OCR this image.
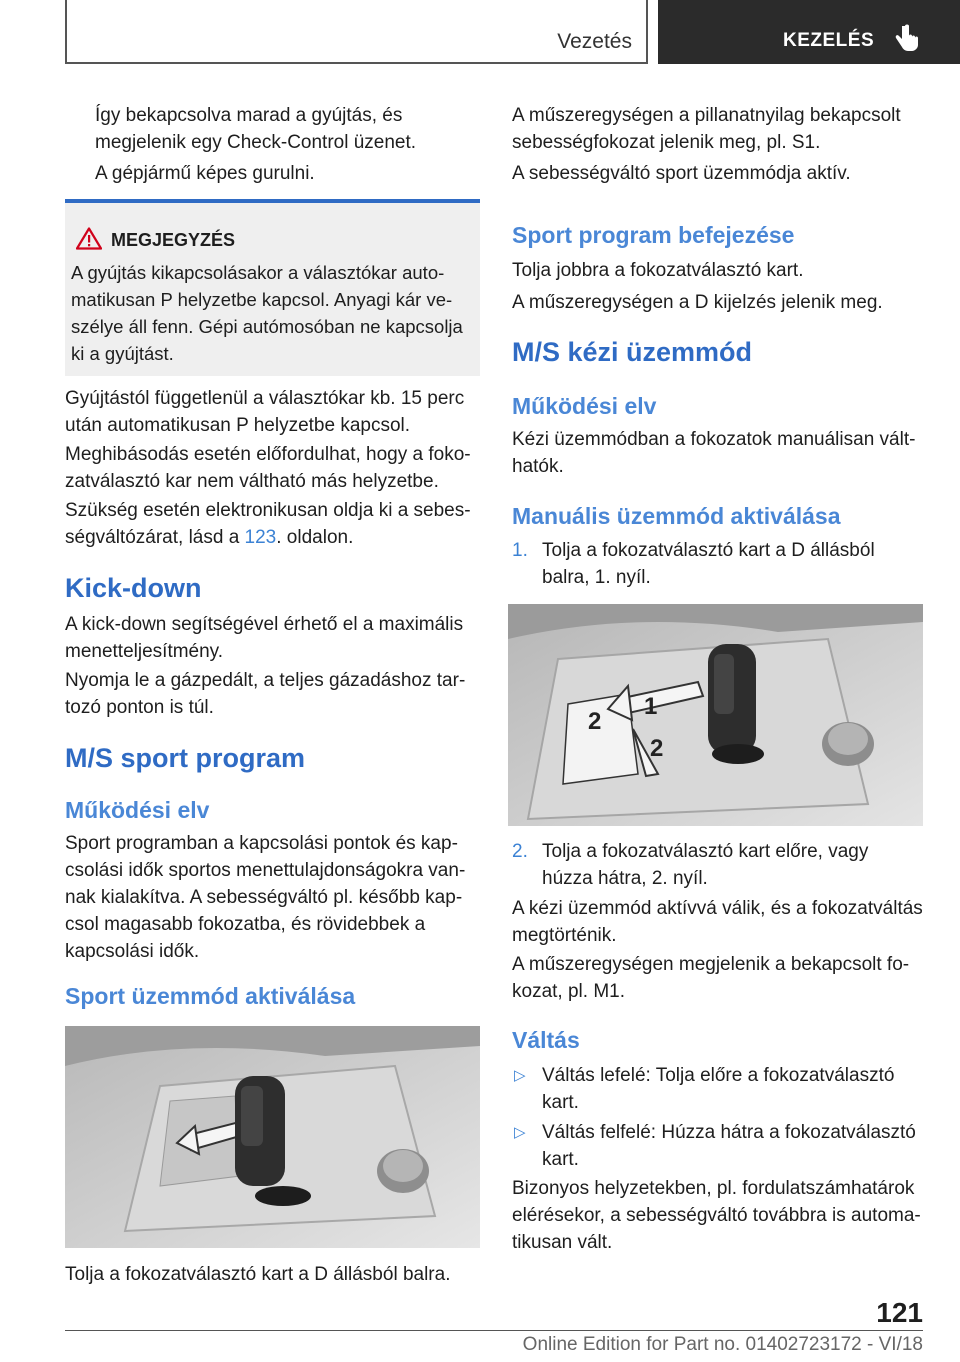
Vezetés	KEZELÉS

Így bekapcsolva marad a gyújtás, és megjelenik egy Check-Control üzenet.

A gépjármű képes gurulni.

MEGJEGYZÉS

A gyújtás kikapcsolásakor a választókar automatikusan P helyzetbe kapcsol. Anyagi kár veszélye áll fenn. Gépi autómosóban ne kapcsolja ki a gyújtást.

Gyújtástól függetlenül a választókar kb. 15 perc után automatikusan P helyzetbe kapcsol.

Meghibásodás esetén előfordulhat, hogy a fokozatválasztó kar nem váltható más helyzetbe.

Szükség esetén elektronikusan oldja ki a sebességváltózárat, lásd a 123. oldalon.

Kick-down

A kick-down segítségével érhető el a maximális menetteljesítmény.

Nyomja le a gázpedált, a teljes gázadáshoz tartozó ponton is túl.

M/S sport program
Működési elv

Sport programban a kapcsolási pontok és kapcsolási idők sportos menettulajdonságokra vannak kialakítva. A sebességváltó pl. később kapcsol magasabb fokozatba, és rövidebbek a kapcsolási idők.

Sport üzemmód aktiválása

Tolja a fokozatválasztó kart a D állásból balra.

A műszeregységen a pillanatnyilag bekapcsolt sebességfokozat jelenik meg, pl. S1.

A sebességváltó sport üzemmódja aktív.

Sport program befejezése

Tolja jobbra a fokozatválasztó kart.

A műszeregységen a D kijelzés jelenik meg.

M/S kézi üzemmód
Működési elv

Kézi üzemmódban a fokozatok manuálisan válthatók.

Manuális üzemmód aktiválása
1. Tolja a fokozatválasztó kart a D állásból balra, 1. nyíl.

1
2
2
2. Tolja a fokozatválasztó kart előre, vagy húzza hátra, 2. nyíl.

A kézi üzemmód aktívvá válik, és a fokozatváltás megtörténik.

A műszeregységen megjelenik a bekapcsolt fokozat, pl. M1.

Váltás
▷ Váltás lefelé: Tolja előre a fokozatválasztó kart.

▷ Váltás felfelé: Húzza hátra a fokozatválasztó kart.

Bizonyos helyzetekben, pl. fordulatszámhatárok elérésekor, a sebességváltó továbbra is automatikusan vált.

121
Online Edition for Part no. 01402723172 - VI/18
